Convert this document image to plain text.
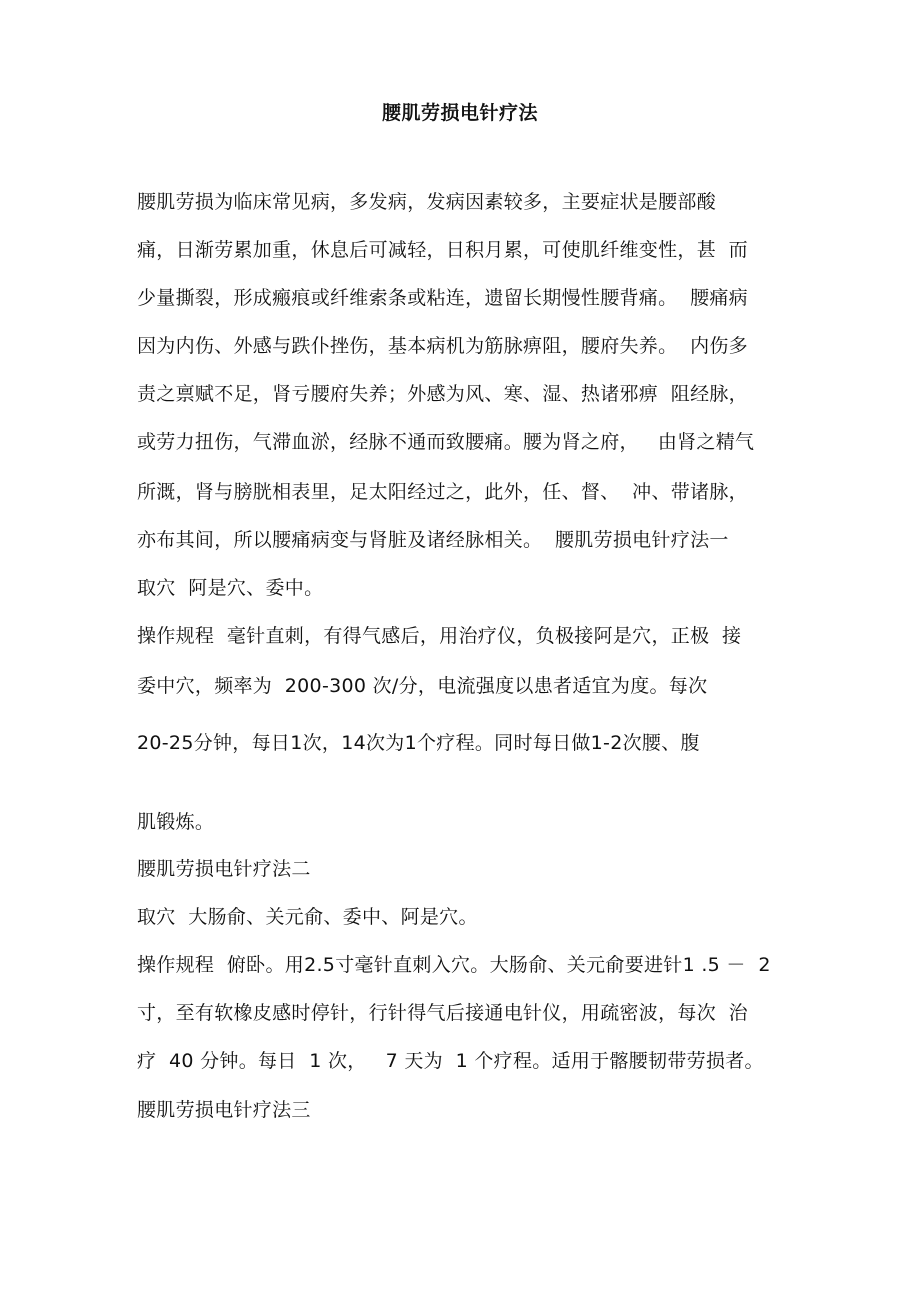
腰肌劳损电针疗法
腰肌劳损为临床常见病，多发病，发病因素较多，主要症状是腰部酸
痛，日渐劳累加重，休息后可减轻，日积月累，可使肌纤维变性，甚  而
少量撕裂，形成瘢痕或纤维索条或粘连，遗留长期慢性腰背痛。  腰痛病
因为内伤、外感与跌仆挫伤，基本病机为筋脉痹阻，腰府失养。  内伤多
责之禀赋不足，肾亏腰府失养；外感为风、寒、湿、热诸邪痹  阻经脉，
或劳力扭伤，气滞血淤，经脉不通而致腰痛。腰为肾之府，   由肾之精气
所溉，肾与膀胱相表里，足太阳经过之，此外，任、督、  冲、带诸脉，
亦布其间，所以腰痛病变与肾脏及诸经脉相关。  腰肌劳损电针疗法一
取穴  阿是穴、委中。
操作规程  毫针直刺，有得气感后，用治疗仪，负极接阿是穴，正极  接
委中穴，频率为  200-300 次/分，电流强度以患者适宜为度。每次
20-25分钟，每日1次，14次为1个疗程。同时每日做1-2次腰、腹
肌锻炼。
腰肌劳损电针疗法二
取穴  大肠俞、关元俞、委中、阿是穴。
操作规程  俯卧。用2.5寸毫针直刺入穴。大肠俞、关元俞要进针1 .5 －  2
寸，至有软橡皮感时停针，行针得气后接通电针仪，用疏密波，每次  治
疗  40 分钟。每日  1 次，   7 天为  1 个疗程。适用于髂腰韧带劳损者。
腰肌劳损电针疗法三
